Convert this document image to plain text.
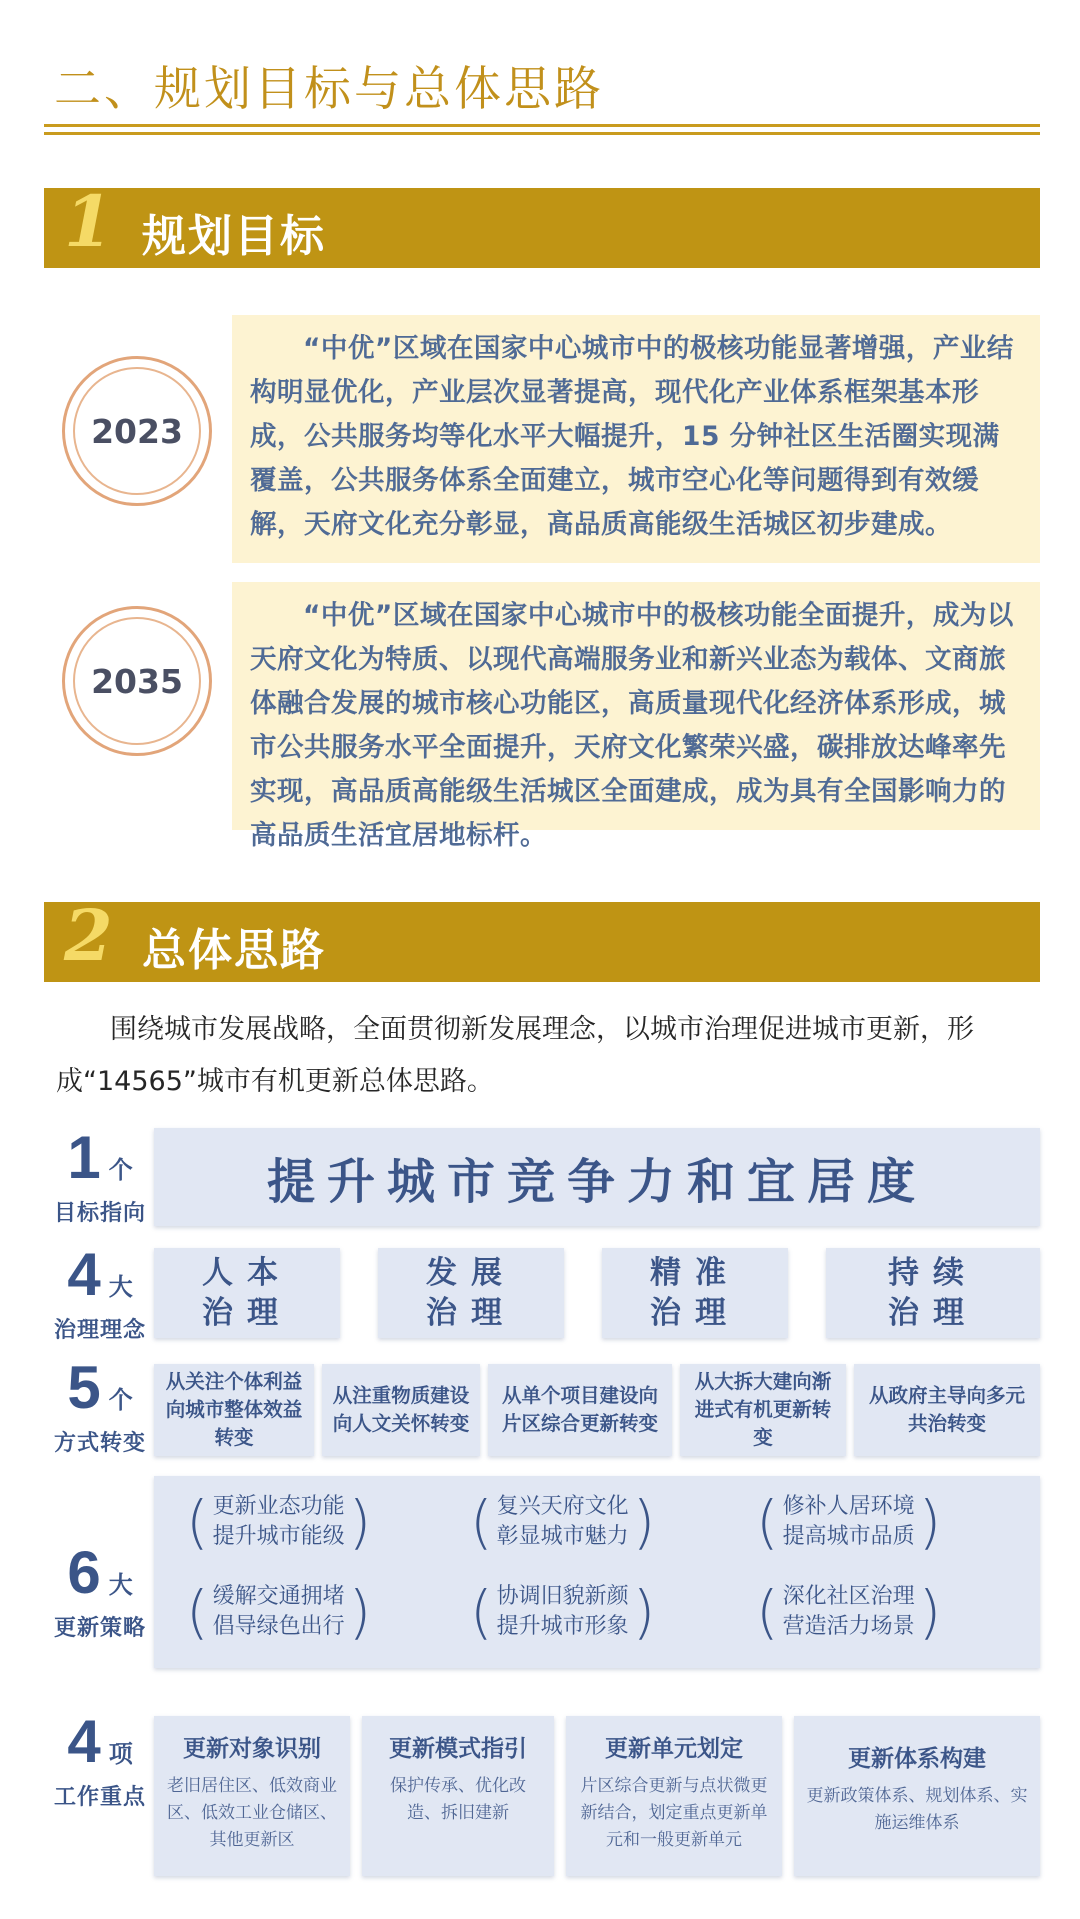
二、规划目标与总体思路
1 规划目标
2023

“中优”区域在国家中心城市中的极核功能显著增强，产业结构明显优化，产业层次显著提高，现代化产业体系框架基本形成，公共服务均等化水平大幅提升，15 分钟社区生活圈实现满覆盖，公共服务体系全面建立，城市空心化等问题得到有效缓解，天府文化充分彰显，高品质高能级生活城区初步建成。

2035

“中优”区域在国家中心城市中的极核功能全面提升，成为以天府文化为特质、以现代高端服务业和新兴业态为载体、文商旅体融合发展的城市核心功能区，高质量现代化经济体系形成，城市公共服务水平全面提升，天府文化繁荣兴盛，碳排放达峰率先实现，高品质高能级生活城区全面建成，成为具有全国影响力的高品质生活宜居地标杆。

2 总体思路

围绕城市发展战略，全面贯彻新发展理念，以城市治理促进城市更新，形成“14565”城市有机更新总体思路。

1 个
目标指向
提升城市竞争力和宜居度
4 大
治理理念
人本
治理
发展
治理
精准
治理
持续
治理
5 个
方式转变
从关注个体利益向城市整体效益转变
从注重物质建设向人文关怀转变
从单个项目建设向片区综合更新转变
从大拆大建向渐进式有机更新转变
从政府主导向多元共治转变
6 大
更新策略
( 更新业态功能
提升城市能级 ) ( 复兴天府文化
彰显城市魅力 ) ( 修补人居环境
提高城市品质 )
( 缓解交通拥堵
倡导绿色出行 ) ( 协调旧貌新颜
提升城市形象 ) ( 深化社区治理
营造活力场景 )
4 项
工作重点
更新对象识别
老旧居住区、低效商业区、低效工业仓储区、其他更新区
更新模式指引
保护传承、优化改造、拆旧建新
更新单元划定
片区综合更新与点状微更新结合，划定重点更新单元和一般更新单元
更新体系构建
更新政策体系、规划体系、实施运维体系
